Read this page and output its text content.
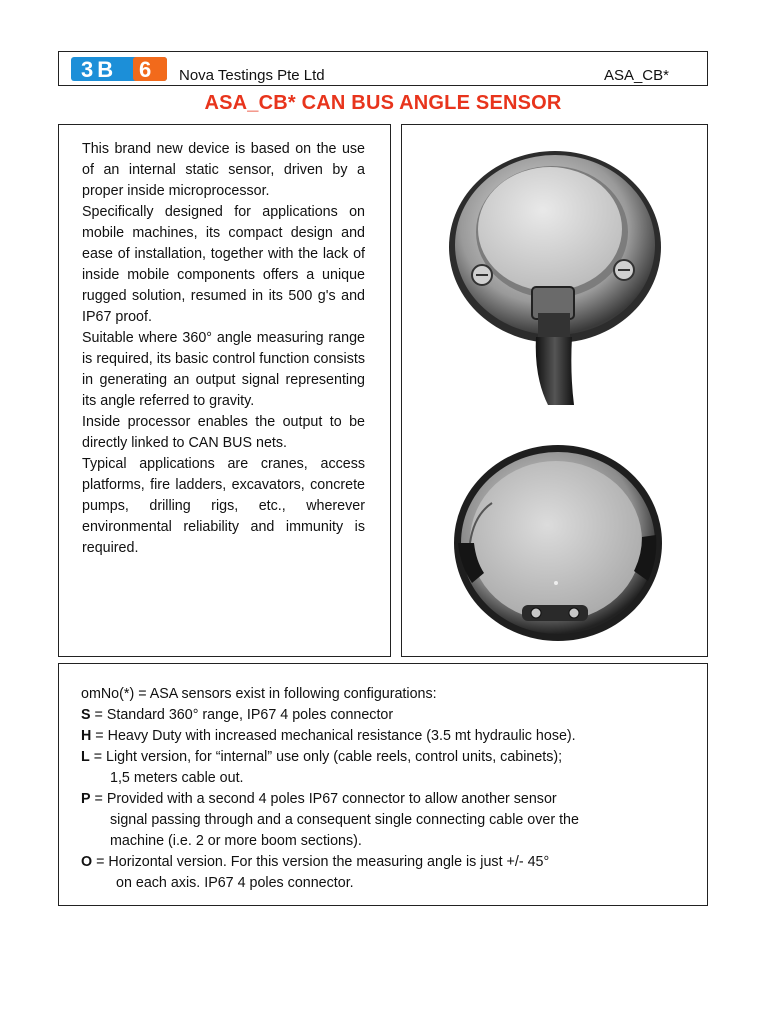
3B 6 Nova Testings Pte Ltd	ASA_CB*
ASA_CB* CAN BUS ANGLE SENSOR

This brand new device is based on the use of an internal static sensor, driven by a proper inside microprocessor.

Specifically designed for applications on mobile machines, its compact design and ease of installation, together with the lack of inside mobile components offers a unique rugged solution, resumed in its 500 g's and IP67 proof.

Suitable where 360° angle measuring range is required, its basic control function consists in generating an output signal representing its angle referred to gravity.

Inside processor enables the output to be directly linked to CAN BUS nets.

Typical applications are cranes, access platforms, fire ladders, excavators, concrete pumps, drilling rigs, etc., wherever environmental reliability and immunity is required.

omNo(*) = ASA sensors exist in following configurations:
S = Standard 360° range, IP67 4 poles connector
H = Heavy Duty with increased mechanical resistance (3.5 mt hydraulic hose).
L = Light version, for “internal” use only (cable reels, control units, cabinets);
1,5 meters cable out.
P = Provided with a second 4 poles IP67 connector to allow another sensor
signal passing through and a consequent single connecting cable over the
machine (i.e. 2 or more boom sections).
O = Horizontal version. For this version the measuring angle is just +/- 45°
on each axis. IP67 4 poles connector.
